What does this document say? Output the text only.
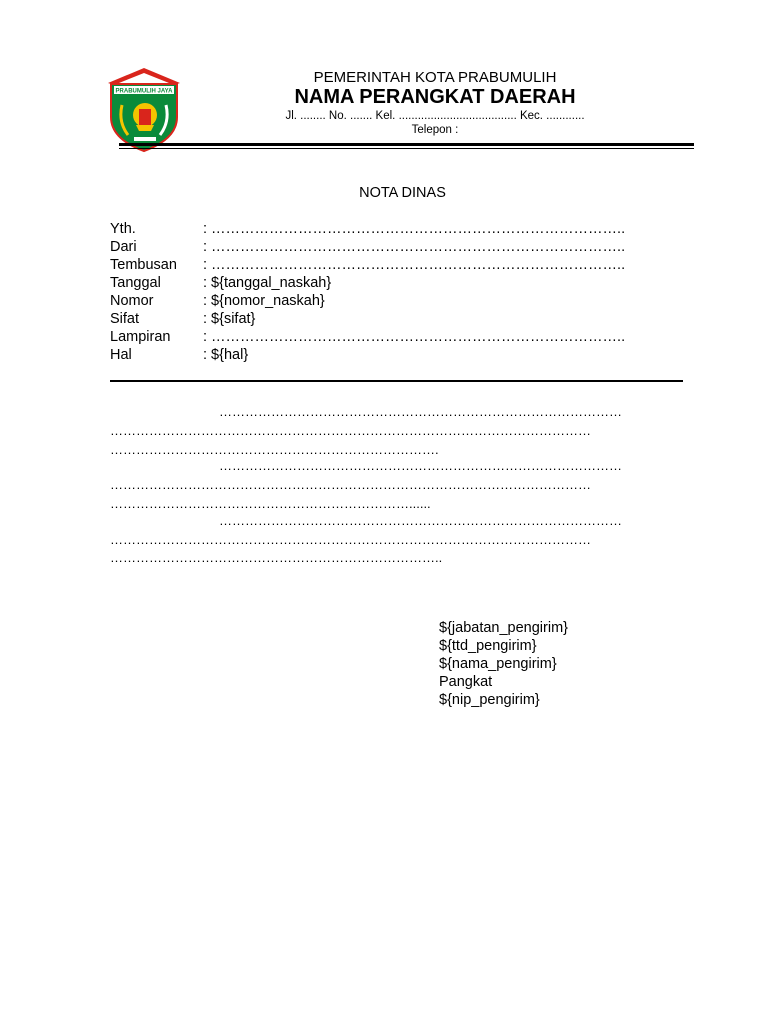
PRABUMULIH JAYA
PEMERINTAH KOTA PRABUMULIH
NAMA PERANGKAT DAERAH
Jl. ........ No. ....... Kel. ..................................... Kec. ............
Telepon :
NOTA DINAS
Yth.	: …………………………………………………………………………..
Dari	: …………………………………………………………………………..
Tembusan : …………………………………………………………………………..
Tanggal	: ${tanggal_naskah}
Nomor	: ${nomor_naskah}
Sifat	: ${sifat}
Lampiran : …………………………………………………………………………..
Hal	: ${hal}
…………………………………………………………………………………
…………………………………………………………………………………………………
………………………………………………………………….
…………………………………………………………………………………
…………………………………………………………………………………………………
……………………………………………………………......
…………………………………………………………………………………
…………………………………………………………………………………………………
…………………………………………………………………..
${jabatan_pengirim}
${ttd_pengirim}
${nama_pengirim}
Pangkat
${nip_pengirim}
